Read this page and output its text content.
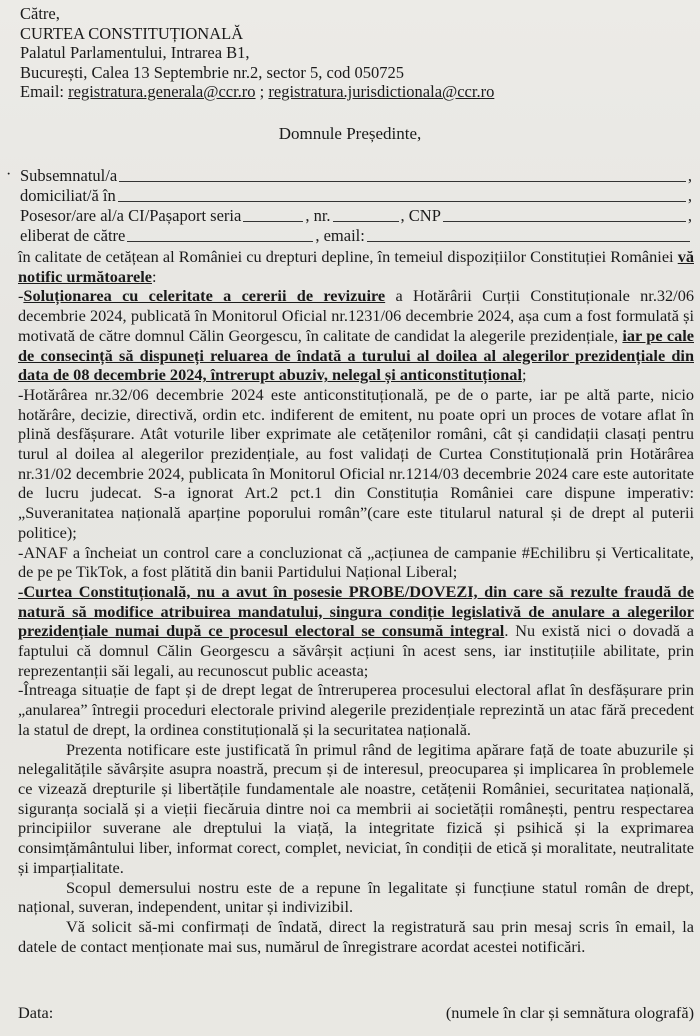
Către,
CURTEA CONSTITUȚIONALĂ
Palatul Parlamentului, Intrarea B1,
București, Calea 13 Septembrie nr.2, sector 5, cod 050725
Email: registratura.generala@ccr.ro ; registratura.jurisdictionala@ccr.ro
Domnule Președinte,
· Subsemnatul/a	,
domiciliat/ă în	,
Posesor/are al/a CI/Pașaport seria	, nr.	, CNP	,
eliberat de către	, email:

în calitate de cetățean al României cu drepturi depline, în temeiul dispozițiilor Constituției României vă notific următoarele:

-Soluționarea cu celeritate a cererii de revizuire a Hotărârii Curții Constituționale nr.32/06 decembrie 2024, publicată în Monitorul Oficial nr.1231/06 decembrie 2024, așa cum a fost formulată și motivată de către domnul Călin Georgescu, în calitate de candidat la alegerile prezidențiale, iar pe cale de consecință să dispuneți reluarea de îndată a turului al doilea al alegerilor prezidențiale din data de 08 decembrie 2024, întrerupt abuziv, nelegal și anticonstituțional;

-Hotărârea nr.32/06 decembrie 2024 este anticonstituțională, pe de o parte, iar pe altă parte, nicio hotărâre, decizie, directivă, ordin etc. indiferent de emitent, nu poate opri un proces de votare aflat în plină desfășurare. Atât voturile liber exprimate ale cetățenilor români, cât și candidații clasați pentru turul al doilea al alegerilor prezidențiale, au fost validați de Curtea Constituțională prin Hotărârea nr.31/02 decembrie 2024, publicata în Monitorul Oficial nr.1214/03 decembrie 2024 care este autoritate de lucru judecat. S-a ignorat Art.2 pct.1 din Constituția României care dispune imperativ: „Suveranitatea națională aparține poporului român”(care este titularul natural și de drept al puterii politice);

-ANAF a încheiat un control care a concluzionat că „acțiunea de campanie #Echilibru și Verticalitate, de pe pe TikTok, a fost plătită din banii Partidului Național Liberal;

-Curtea Constituțională, nu a avut în posesie PROBE/DOVEZI, din care să rezulte fraudă de natură să modifice atribuirea mandatului, singura condiție legislativă de anulare a alegerilor prezidențiale numai după ce procesul electoral se consumă integral. Nu există nici o dovadă a faptului că domnul Călin Georgescu a săvârșit acțiuni în acest sens, iar instituțiile abilitate, prin reprezentanții săi legali, au recunoscut public aceasta;

-Întreaga situație de fapt și de drept legat de întreruperea procesului electoral aflat în desfășurare prin „anularea” întregii proceduri electorale privind alegerile prezidențiale reprezintă un atac fără precedent la statul de drept, la ordinea constituțională și la securitatea națională.

Prezenta notificare este justificată în primul rând de legitima apărare față de toate abuzurile și nelegalitățile săvârșite asupra noastră, precum și de interesul, preocuparea și implicarea în problemele ce vizează drepturile și libertățile fundamentale ale noastre, cetățenii României, securitatea națională, siguranța socială și a vieții fiecăruia dintre noi ca membrii ai societății românești, pentru respectarea principiilor suverane ale dreptului la viață, la integritate fizică și psihică și la exprimarea consimțământului liber, informat corect, complet, neviciat, în condiții de etică și moralitate, neutralitate și imparțialitate.

Scopul demersului nostru este de a repune în legalitate și funcțiune statul român de drept, național, suveran, independent, unitar și indivizibil.

Vă solicit să-mi confirmați de îndată, direct la registratură sau prin mesaj scris în email, la datele de contact menționate mai sus, numărul de înregistrare acordat acestei notificări.

Data:	(numele în clar și semnătura olografă)
